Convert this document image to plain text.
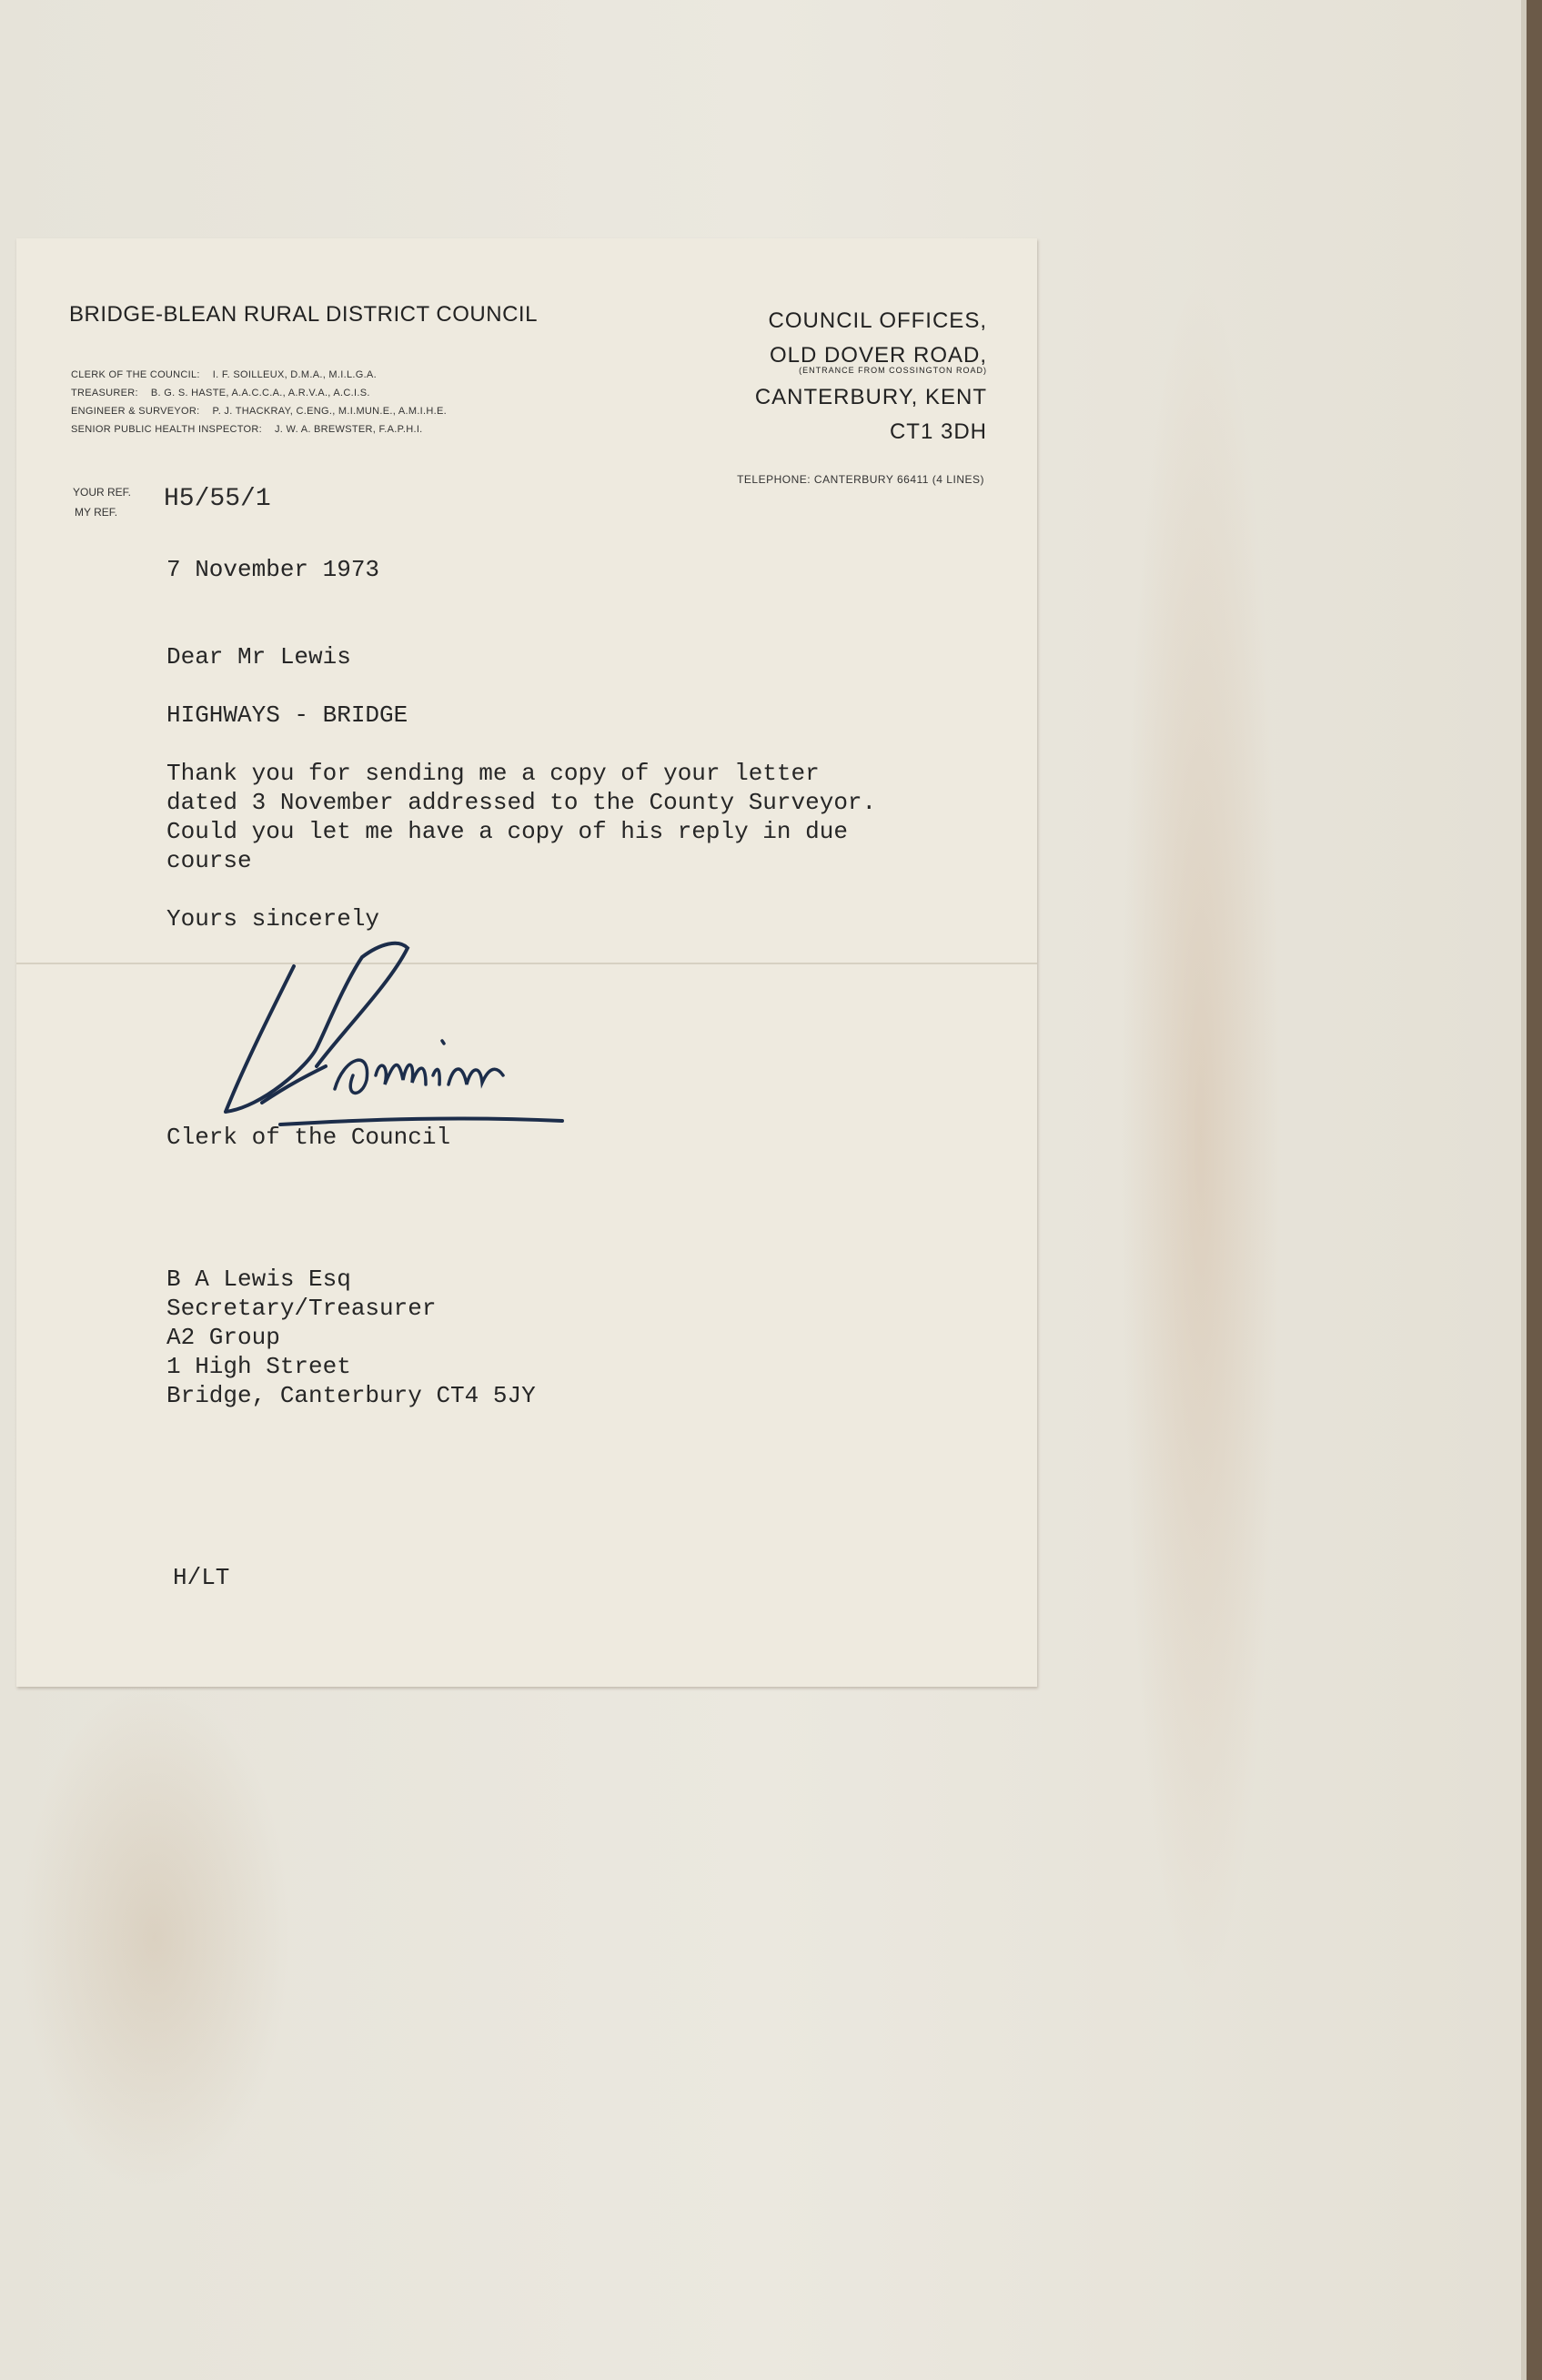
BRIDGE-BLEAN RURAL DISTRICT COUNCIL
CLERK OF THE COUNCIL: I. F. SOILLEUX, D.M.A., M.I.L.G.A.
TREASURER: B. G. S. HASTE, A.A.C.C.A., A.R.V.A., A.C.I.S.
ENGINEER & SURVEYOR: P. J. THACKRAY, C.ENG., M.I.MUN.E., A.M.I.H.E.
SENIOR PUBLIC HEALTH INSPECTOR: J. W. A. BREWSTER, F.A.P.H.I.
COUNCIL OFFICES,
OLD DOVER ROAD,
(ENTRANCE FROM COSSINGTON ROAD)
CANTERBURY, KENT
CT1 3DH
TELEPHONE: CANTERBURY 66411 (4 LINES)
YOUR REF.
MY REF.	H5/55/1
7 November 1973
Dear Mr Lewis
HIGHWAYS - BRIDGE
Thank you for sending me a copy of your letter
dated 3 November addressed to the County Surveyor.
Could you let me have a copy of his reply in due
course
Yours sincerely
Clerk of the Council
B A Lewis Esq
Secretary/Treasurer
A2 Group
1 High Street
Bridge, Canterbury CT4 5JY
H/LT
